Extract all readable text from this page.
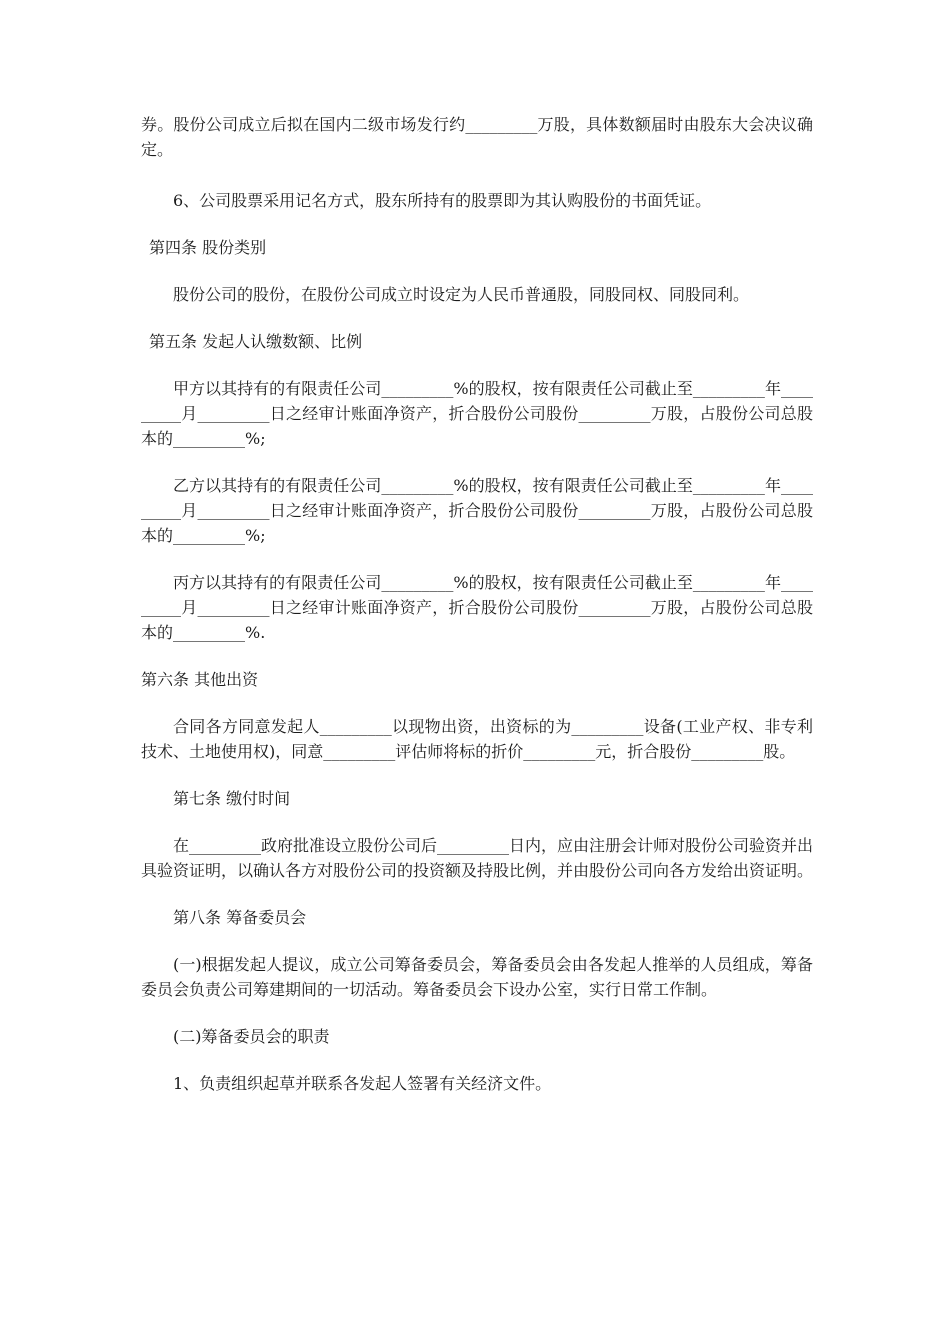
券。股份公司成立后拟在国内二级市场发行约_________万股，具体数额届时由股东大会决议确定。

6、公司股票采用记名方式，股东所持有的股票即为其认购股份的书面凭证。

第四条 股份类别

股份公司的股份，在股份公司成立时设定为人民币普通股，同股同权、同股同利。

第五条 发起人认缴数额、比例

甲方以其持有的有限责任公司_________%的股权，按有限责任公司截止至_________年_________月_________日之经审计账面净资产，折合股份公司股份_________万股，占股份公司总股本的_________%;

乙方以其持有的有限责任公司_________%的股权，按有限责任公司截止至_________年_________月_________日之经审计账面净资产，折合股份公司股份_________万股，占股份公司总股本的_________%;

丙方以其持有的有限责任公司_________%的股权，按有限责任公司截止至_________年_________月_________日之经审计账面净资产，折合股份公司股份_________万股，占股份公司总股本的_________%.

第六条 其他出资

合同各方同意发起人_________以现物出资，出资标的为_________设备(工业产权、非专利技术、土地使用权)，同意_________评估师将标的折价_________元，折合股份_________股。

第七条 缴付时间

在_________政府批准设立股份公司后_________日内，应由注册会计师对股份公司验资并出具验资证明，以确认各方对股份公司的投资额及持股比例，并由股份公司向各方发给出资证明。

第八条 筹备委员会

(一)根据发起人提议，成立公司筹备委员会，筹备委员会由各发起人推举的人员组成，筹备委员会负责公司筹建期间的一切活动。筹备委员会下设办公室，实行日常工作制。

(二)筹备委员会的职责

1、负责组织起草并联系各发起人签署有关经济文件。
